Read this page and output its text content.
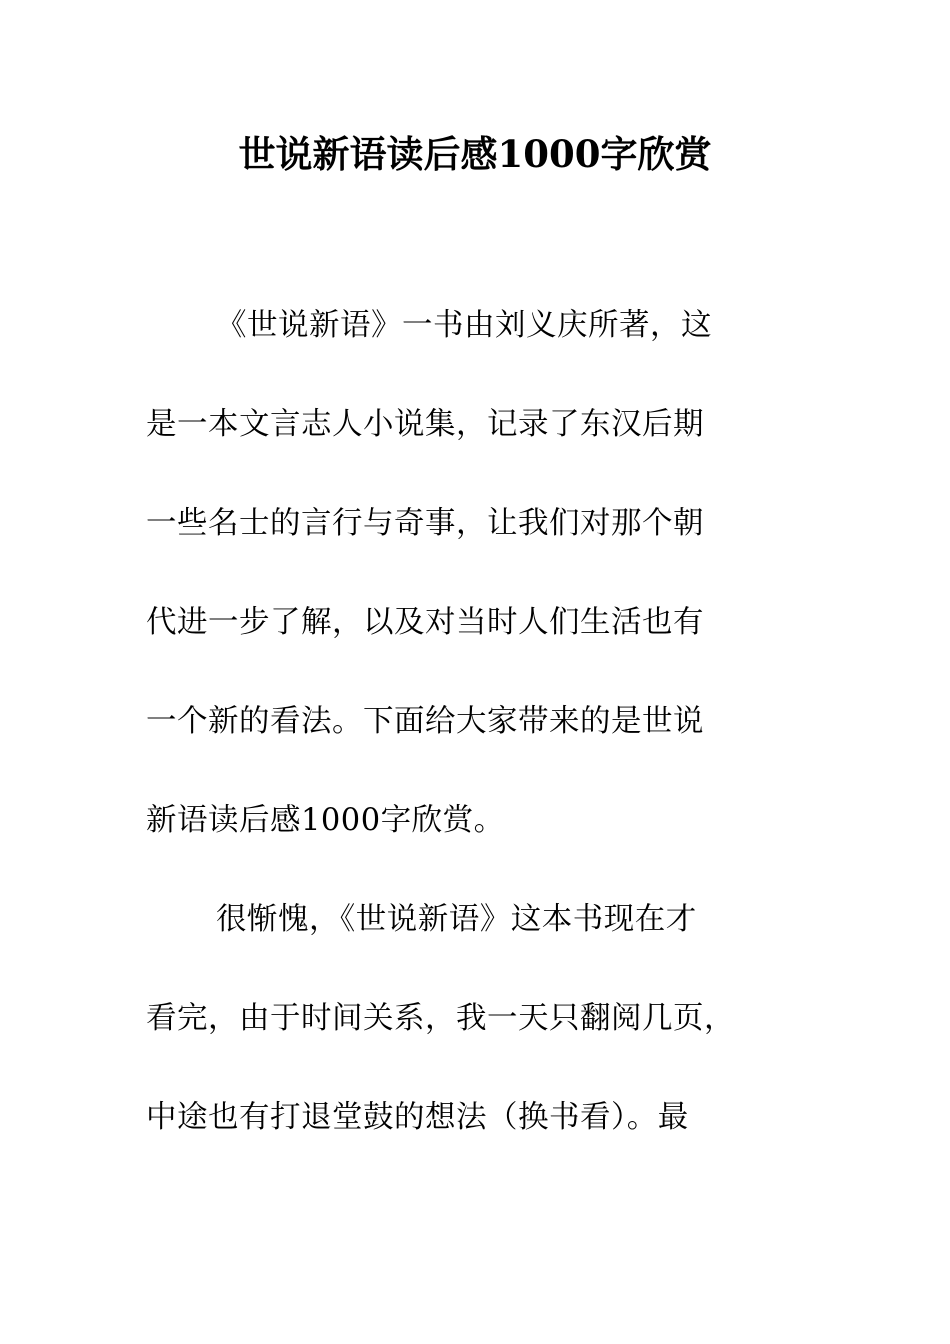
世说新语读后感1000字欣赏
《世说新语》一书由刘义庆所著，这
是一本文言志人小说集，记录了东汉后期
一些名士的言行与奇事，让我们对那个朝
代进一步了解，以及对当时人们生活也有
一个新的看法。下面给大家带来的是世说
新语读后感1000字欣赏。
很惭愧，《世说新语》这本书现在才
看完，由于时间关系，我一天只翻阅几页，
中途也有打退堂鼓的想法（换书看）。最
